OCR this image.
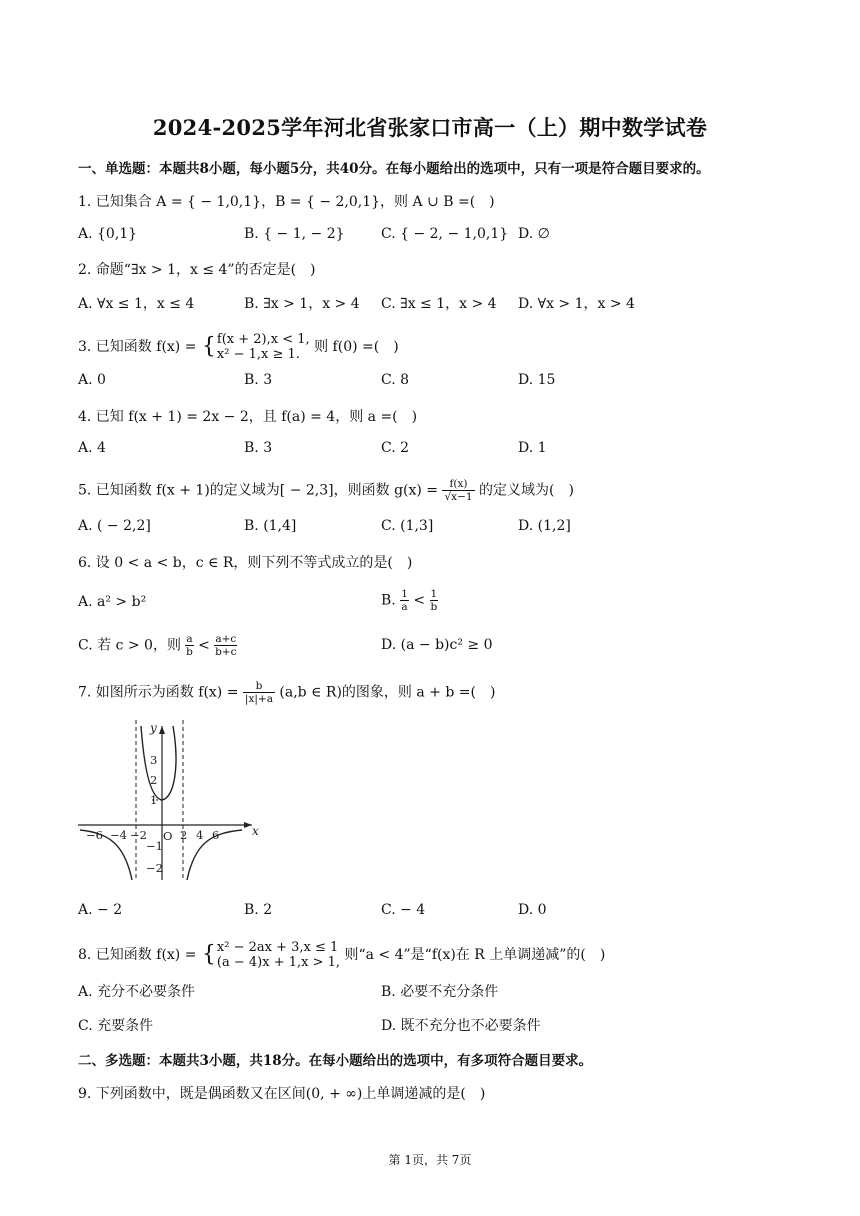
2024-2025学年河北省张家口市高一（上）期中数学试卷
一、单选题：本题共8小题，每小题5分，共40分。在每小题给出的选项中，只有一项是符合题目要求的。
1. 已知集合 A = { − 1,0,1}，B = { − 2,0,1}，则 A ∪ B =(　)
A. {0,1}	B. { − 1, − 2}	C. { − 2, − 1,0,1} D. ∅
2. 命题“∃x > 1，x ≤ 4”的否定是(　)
A. ∀x ≤ 1，x ≤ 4	B. ∃x > 1，x > 4 C. ∃x ≤ 1，x > 4 D. ∀x > 1，x > 4
3. 已知函数 f(x) = { f(x + 2),x < 1,
x² − 1,x ≥ 1.	则 f(0) =(　)
A. 0	B. 3	C. 8	D. 15
4. 已知 f(x + 1) = 2x − 2，且 f(a) = 4，则 a =(　)
A. 4	B. 3	C. 2	D. 1
5. 已知函数 f(x + 1)的定义域为[ − 2,3]，则函数 $g(x) = \frac{f(x)}{√x-1}$ 的定义域为(　)
A. ( − 2,2]	B. (1,4]	C. (1,3]	D. (1,2]
6. 设 0 < a < b，c ∈ R，则下列不等式成立的是(　)
A. a² > b²	B. $\frac{1}{a} < \frac{1}{b}$
C. 若 c > 0，则 $\frac{a}{b} < \frac{a+c}{b+c}$	D. (a − b)c² ≥ 0
7. 如图所示为函数 $f(x) = \frac{b}{|x|+a} (a,b$ ∈ R)的图象，则 a + b =(　)
y
x
O
−6 −4 −2	2 4 6
3
2
1
−1
−2
A. − 2	B. 2	C. − 4	D. 0
8. 已知函数 f(x) = { x² − 2ax + 3,x ≤ 1
(a − 4)x + 1,x > 1, 则“a < 4”是“f(x)在 R 上单调递减”的(　)
A. 充分不必要条件	B. 必要不充分条件
C. 充要条件	D. 既不充分也不必要条件
二、多选题：本题共3小题，共18分。在每小题给出的选项中，有多项符合题目要求。
9. 下列函数中，既是偶函数又在区间(0, + ∞)上单调递减的是(　)
第 1页，共 7页
